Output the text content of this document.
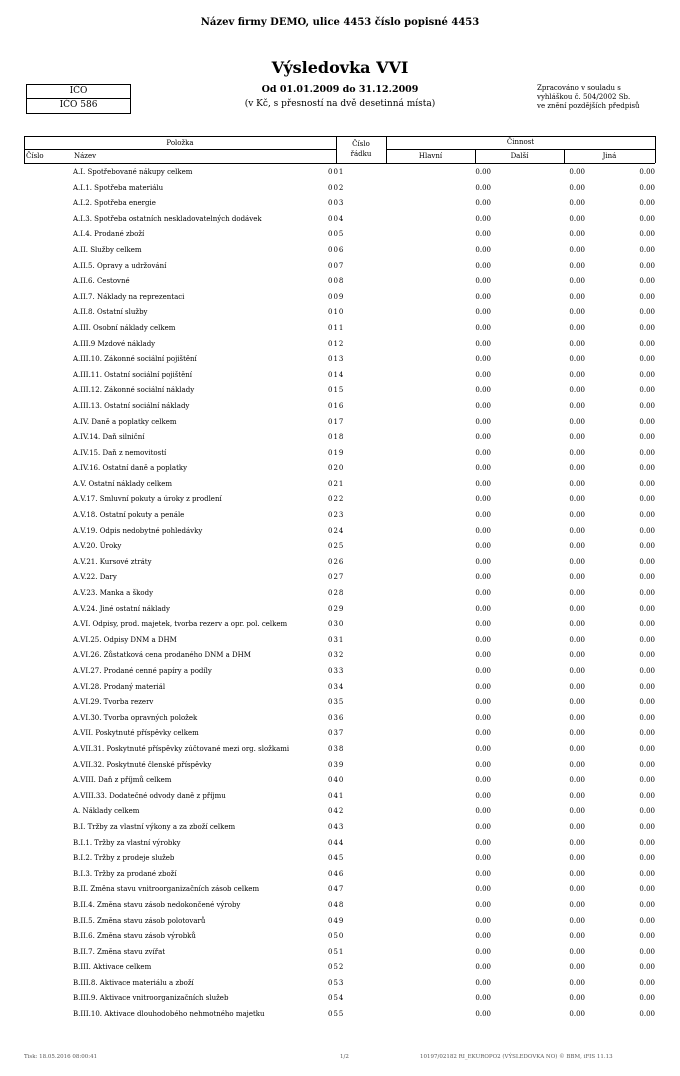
Název firmy DEMO, ulice 4453 číslo popisné 4453
Výsledovka VVI
Od 01.01.2009 do 31.12.2009
(v Kč, s přesností na dvě desetinná místa)
IČO
IČO 586
Zpracováno v souladu s
vyhláškou č. 504/2002 Sb.
ve znění pozdějších předpisů
Položka
Číslo	Název
Číslo
řádku
Činnost
Hlavní	Další	Jiná
A.I. Spotřebované nákupy celkem	001	0.00	0.00	0.00
A.I.1. Spotřeba materiálu	002	0.00	0.00	0.00
A.I.2. Spotřeba energie	003	0.00	0.00	0.00
A.I.3. Spotřeba ostatních neskladovatelných dodávek	004	0.00	0.00	0.00
A.I.4. Prodané zboží	005	0.00	0.00	0.00
A.II. Služby celkem	006	0.00	0.00	0.00
A.II.5. Opravy a udržování	007	0.00	0.00	0.00
A.II.6. Cestovné	008	0.00	0.00	0.00
A.II.7. Náklady na reprezentaci	009	0.00	0.00	0.00
A.II.8. Ostatní služby	010	0.00	0.00	0.00
A.III. Osobní náklady celkem	011	0.00	0.00	0.00
A.III.9 Mzdové náklady	012	0.00	0.00	0.00
A.III.10. Zákonné sociální pojištění	013	0.00	0.00	0.00
A.III.11. Ostatní sociální pojištění	014	0.00	0.00	0.00
A.III.12. Zákonné sociální náklady	015	0.00	0.00	0.00
A.III.13. Ostatní sociální náklady	016	0.00	0.00	0.00
A.IV. Daně a poplatky celkem	017	0.00	0.00	0.00
A.IV.14. Daň silniční	018	0.00	0.00	0.00
A.IV.15. Daň z nemovitostí	019	0.00	0.00	0.00
A.IV.16. Ostatní daně a poplatky	020	0.00	0.00	0.00
A.V. Ostatní náklady celkem	021	0.00	0.00	0.00
A.V.17. Smluvní pokuty a úroky z prodlení	022	0.00	0.00	0.00
A.V.18. Ostatní pokuty a penále	023	0.00	0.00	0.00
A.V.19. Odpis nedobytné pohledávky	024	0.00	0.00	0.00
A.V.20. Úroky	025	0.00	0.00	0.00
A.V.21. Kursové ztráty	026	0.00	0.00	0.00
A.V.22. Dary	027	0.00	0.00	0.00
A.V.23. Manka a škody	028	0.00	0.00	0.00
A.V.24. Jiné ostatní náklady	029	0.00	0.00	0.00
A.VI. Odpisy, prod. majetek, tvorba rezerv a opr. pol. celkem	030	0.00	0.00	0.00
A.VI.25. Odpisy DNM a DHM	031	0.00	0.00	0.00
A.VI.26. Zůstatková cena prodaného DNM a DHM	032	0.00	0.00	0.00
A.VI.27. Prodané cenné papíry a podíly	033	0.00	0.00	0.00
A.VI.28. Prodaný materiál	034	0.00	0.00	0.00
A.VI.29. Tvorba rezerv	035	0.00	0.00	0.00
A.VI.30. Tvorba opravných položek	036	0.00	0.00	0.00
A.VII. Poskytnuté příspěvky celkem	037	0.00	0.00	0.00
A.VII.31. Poskytnuté příspěvky zúčtované mezi org. složkami	038	0.00	0.00	0.00
A.VII.32. Poskytnuté členské příspěvky	039	0.00	0.00	0.00
A.VIII. Daň z příjmů celkem	040	0.00	0.00	0.00
A.VIII.33. Dodatečné odvody daně z příjmu	041	0.00	0.00	0.00
A. Náklady celkem	042	0.00	0.00	0.00
B.I. Tržby za vlastní výkony a za zboží celkem	043	0.00	0.00	0.00
B.I.1. Tržby za vlastní výrobky	044	0.00	0.00	0.00
B.I.2. Tržby z prodeje služeb	045	0.00	0.00	0.00
B.I.3. Tržby za prodané zboží	046	0.00	0.00	0.00
B.II. Změna stavu vnitroorganizačních zásob celkem	047	0.00	0.00	0.00
B.II.4. Změna stavu zásob nedokončené výroby	048	0.00	0.00	0.00
B.II.5. Změna stavu zásob polotovarů	049	0.00	0.00	0.00
B.II.6. Změna stavu zásob výrobků	050	0.00	0.00	0.00
B.II.7. Změna stavu zvířat	051	0.00	0.00	0.00
B.III. Aktivace celkem	052	0.00	0.00	0.00
B.III.8. Aktivace materiálu a zboží	053	0.00	0.00	0.00
B.III.9. Aktivace vnitroorganizačních služeb	054	0.00	0.00	0.00
B.III.10. Aktivace dlouhodobého nehmotného majetku	055	0.00	0.00	0.00
Tisk: 18.05.2016 08:00:41	1/2	10197/02182 RI_EKUROPO2 (VÝSLEDOVKA NO) © BBM, iFIS 11.13
